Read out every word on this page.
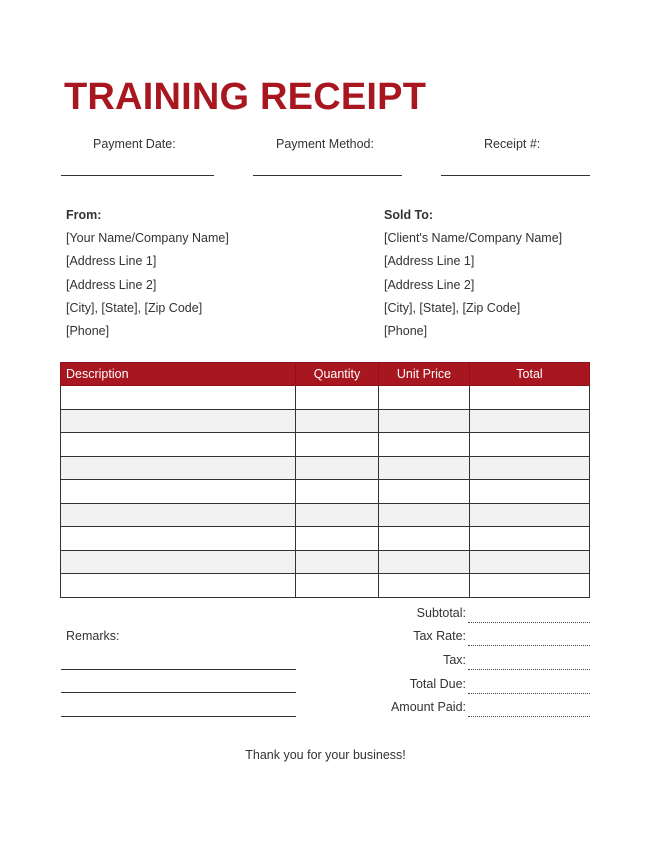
TRAINING RECEIPT
Payment Date:	Payment Method:	Receipt #:
From:
[Your Name/Company Name]
[Address Line 1]
[Address Line 2]
[City], [State], [Zip Code]
[Phone]
Sold To:
[Client's Name/Company Name]
[Address Line 1]
[Address Line 2]
[City], [State], [Zip Code]
[Phone]
Description	Quantity	Unit Price	Total

Subtotal:
Tax Rate:
Tax:
Total Due:
Amount Paid:
Remarks:
Thank you for your business!
